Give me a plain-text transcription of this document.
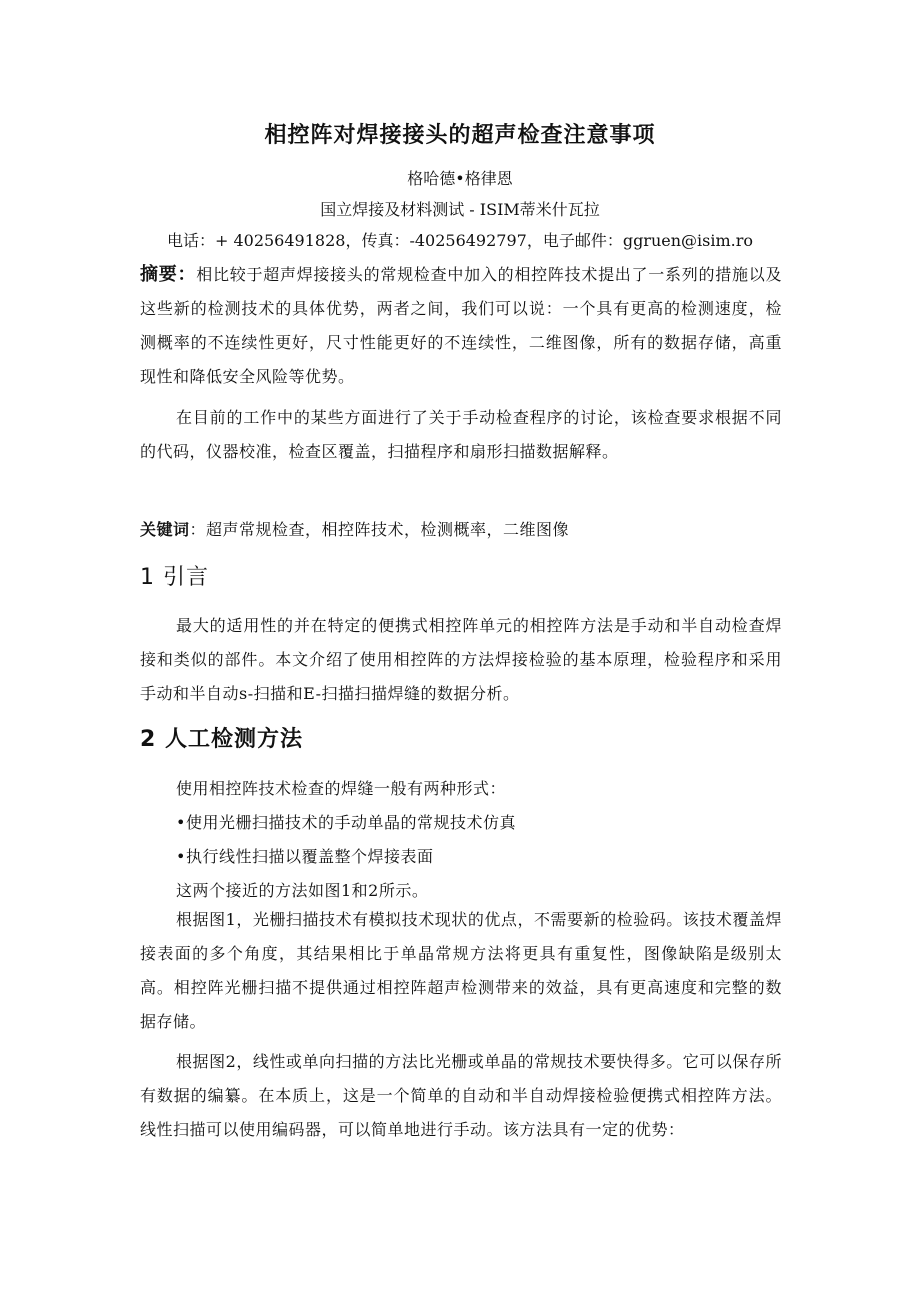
相控阵对焊接接头的超声检查注意事项
格哈德•格律恩
国立焊接及材料测试 - ISIM蒂米什瓦拉
电话：+ 40256491828，传真：-40256492797，电子邮件：ggruen@isim.ro
摘要：相比较于超声焊接接头的常规检查中加入的相控阵技术提出了一系列的措施以及这些新的检测技术的具体优势，两者之间，我们可以说：一个具有更高的检测速度，检测概率的不连续性更好，尺寸性能更好的不连续性，二维图像，所有的数据存储，高重现性和降低安全风险等优势。
在目前的工作中的某些方面进行了关于手动检查程序的讨论，该检查要求根据不同的代码，仪器校准，检查区覆盖，扫描程序和扇形扫描数据解释。
关键词：超声常规检查，相控阵技术，检测概率，二维图像
1 引言
最大的适用性的并在特定的便携式相控阵单元的相控阵方法是手动和半自动检查焊接和类似的部件。本文介绍了使用相控阵的方法焊接检验的基本原理，检验程序和采用手动和半自动s-扫描和E-扫描扫描焊缝的数据分析。
2 人工检测方法
使用相控阵技术检查的焊缝一般有两种形式：
•使用光栅扫描技术的手动单晶的常规技术仿真
•执行线性扫描以覆盖整个焊接表面
这两个接近的方法如图1和2所示。
根据图1，光栅扫描技术有模拟技术现状的优点，不需要新的检验码。该技术覆盖焊接表面的多个角度，其结果相比于单晶常规方法将更具有重复性，图像缺陷是级别太高。相控阵光栅扫描不提供通过相控阵超声检测带来的效益，具有更高速度和完整的数据存储。
根据图2，线性或单向扫描的方法比光栅或单晶的常规技术要快得多。它可以保存所有数据的编纂。在本质上，这是一个简单的自动和半自动焊接检验便携式相控阵方法。线性扫描可以使用编码器，可以简单地进行手动。该方法具有一定的优势：
